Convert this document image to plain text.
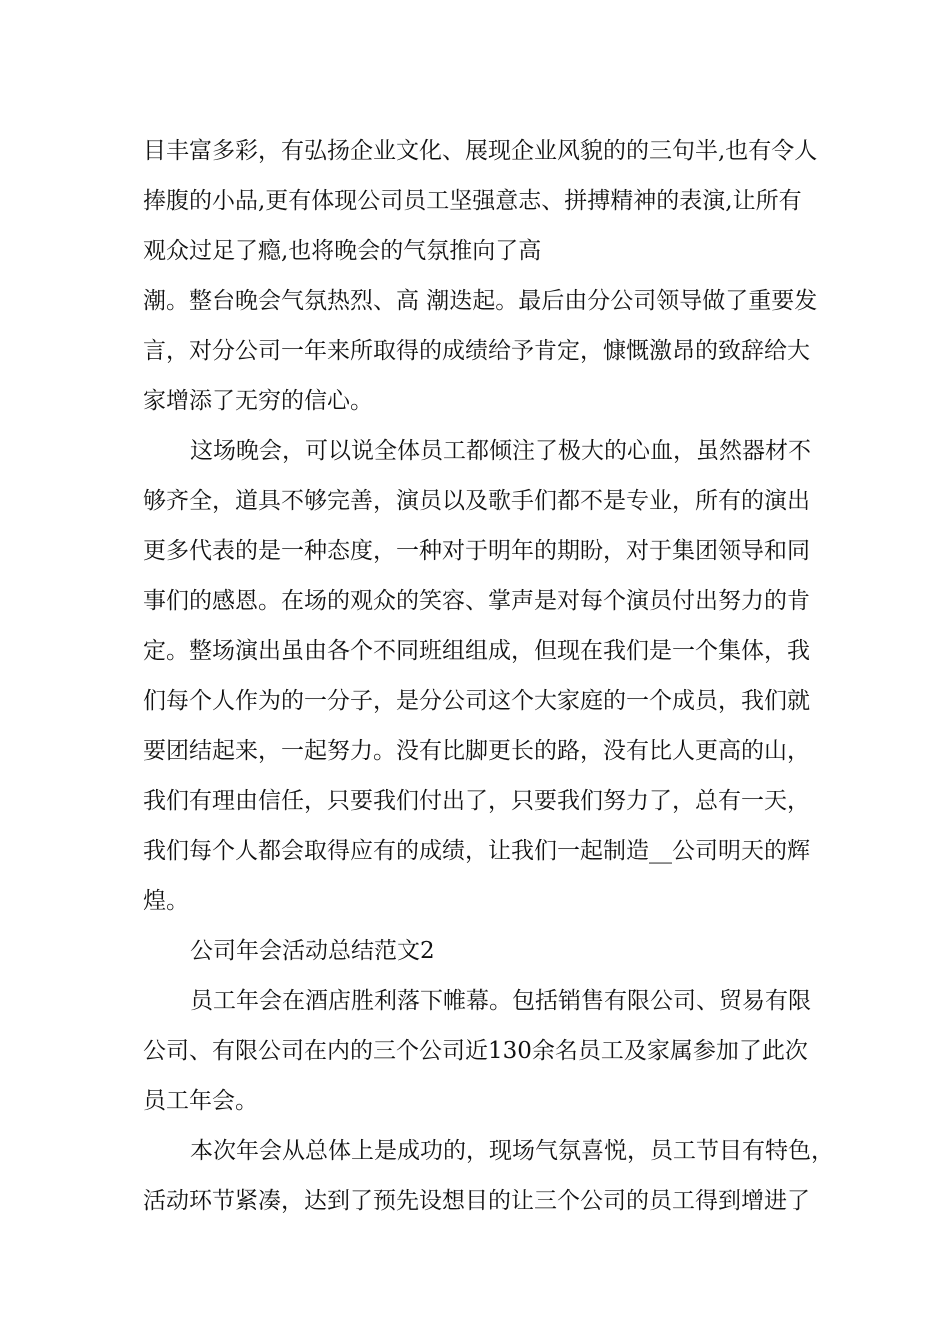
目丰富多彩，有弘扬企业文化、展现企业风貌的的三句半,也有令人

捧腹的小品,更有体现公司员工坚强意志、拼搏精神的表演,让所有

观众过足了瘾,也将晚会的气氛推向了高

潮。整台晚会气氛热烈、高 潮迭起。最后由分公司领导做了重要发

言，对分公司一年来所取得的成绩给予肯定，慷慨激昂的致辞给大

家增添了无穷的信心。

这场晚会，可以说全体员工都倾注了极大的心血，虽然器材不

够齐全，道具不够完善，演员以及歌手们都不是专业，所有的演出

更多代表的是一种态度，一种对于明年的期盼，对于集团领导和同

事们的感恩。在场的观众的笑容、掌声是对每个演员付出努力的肯

定。整场演出虽由各个不同班组组成，但现在我们是一个集体，我

们每个人作为的一分子，是分公司这个大家庭的一个成员，我们就

要团结起来，一起努力。没有比脚更长的路，没有比人更高的山，

我们有理由信任，只要我们付出了，只要我们努力了，总有一天，

我们每个人都会取得应有的成绩，让我们一起制造__公司明天的辉

煌。

公司年会活动总结范文2

员工年会在酒店胜利落下帷幕。包括销售有限公司、贸易有限

公司、有限公司在内的三个公司近130余名员工及家属参加了此次

员工年会。

本次年会从总体上是成功的，现场气氛喜悦，员工节目有特色，

活动环节紧凑，达到了预先设想目的让三个公司的员工得到增进了
